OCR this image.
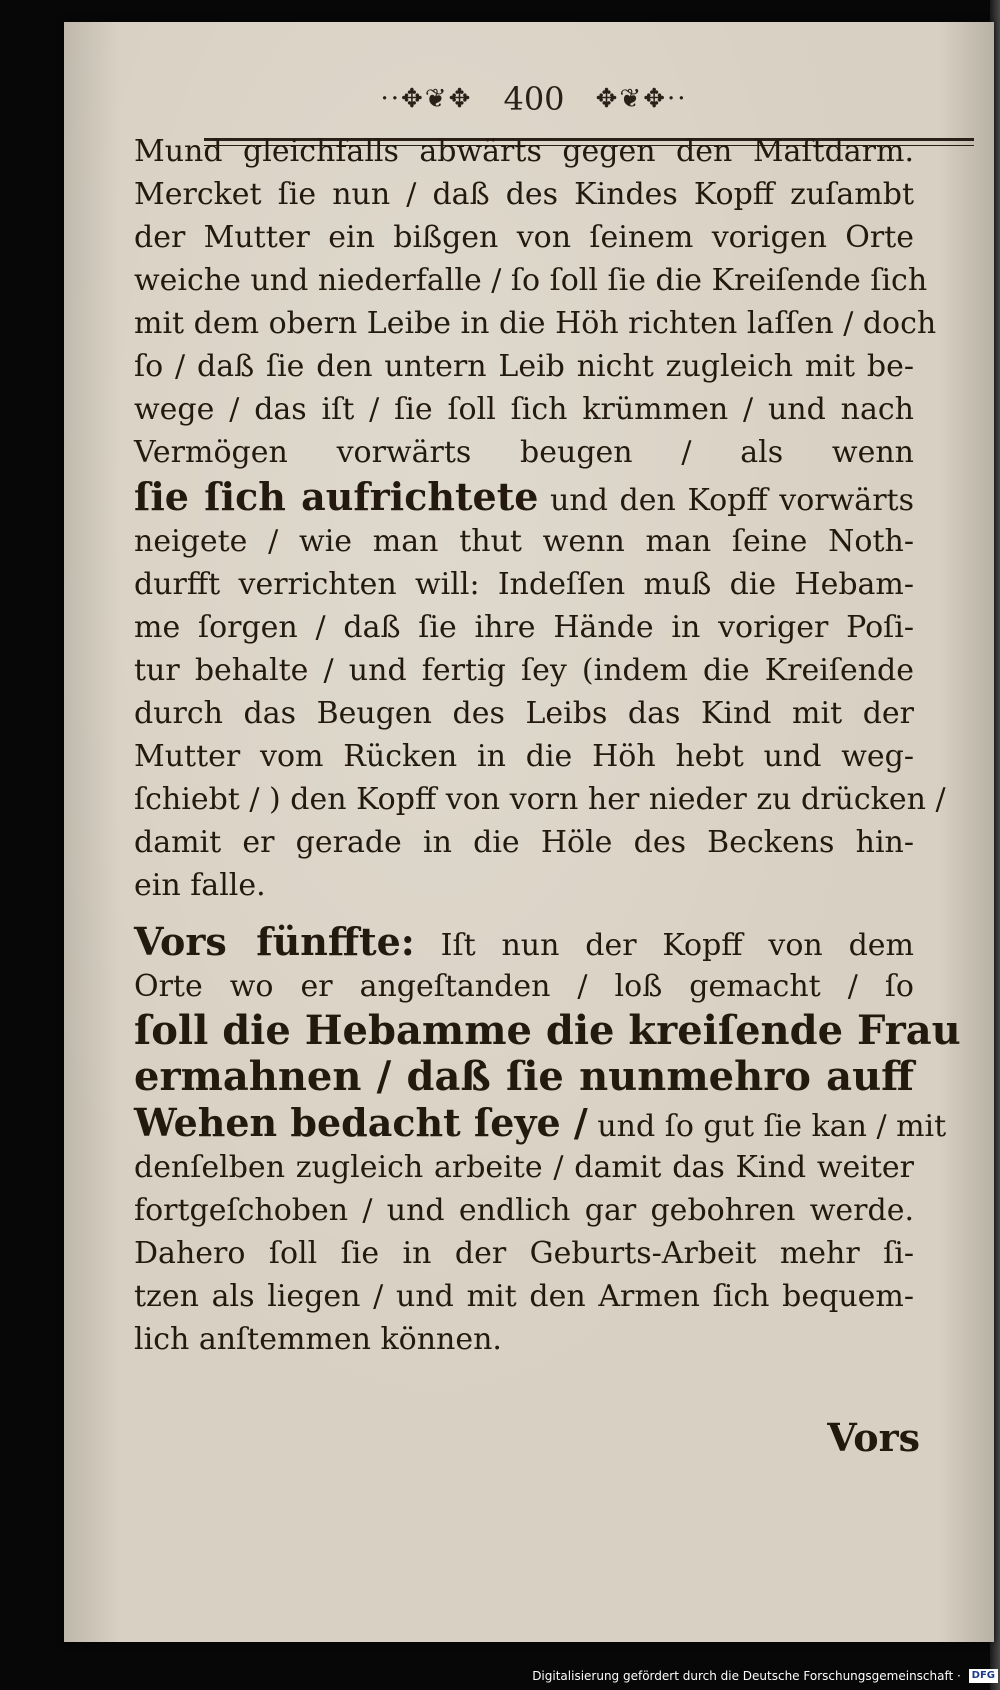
··✥❦✥ 400 ✥❦✥··
Mund gleichfalls abwärts gegen den Maſtdarm.
Mercket ſie nun / daß des Kindes Kopff zuſambt
der Mutter ein bißgen von ſeinem vorigen Orte
weiche und niederfalle / ſo ſoll ſie die Kreiſende ſich
mit dem obern Leibe in die Höh richten laſſen / doch
ſo / daß ſie den untern Leib nicht zugleich mit be-
wege / das iſt / ſie ſoll ſich krümmen / und nach
Vermögen vorwärts beugen / als wenn
ſie ſich aufrichtete und den Kopff vorwärts
neigete / wie man thut wenn man ſeine Noth-
durfft verrichten will: Indeſſen muß die Hebam-
me ſorgen / daß ſie ihre Hände in voriger Poſi-
tur behalte / und fertig ſey (indem die Kreiſende
durch das Beugen des Leibs das Kind mit der
Mutter vom Rücken in die Höh hebt und weg-
ſchiebt / ) den Kopff von vorn her nieder zu drücken /
damit er gerade in die Höle des Beckens hin-
ein falle.
Vors fünffte: Iſt nun der Kopff von dem
Orte wo er angeſtanden / loß gemacht / ſo
ſoll die Hebamme die kreiſende Frau
ermahnen / daß ſie nunmehro auff
Wehen bedacht ſeye / und ſo gut ſie kan / mit
denſelben zugleich arbeite / damit das Kind weiter
fortgeſchoben / und endlich gar gebohren werde.
Dahero ſoll ſie in der Geburts-Arbeit mehr ſi-
tzen als liegen / und mit den Armen ſich bequem-
lich anſtemmen können.
Vors
Digitalisierung gefördert durch die Deutsche Forschungsgemeinschaft · DFG
